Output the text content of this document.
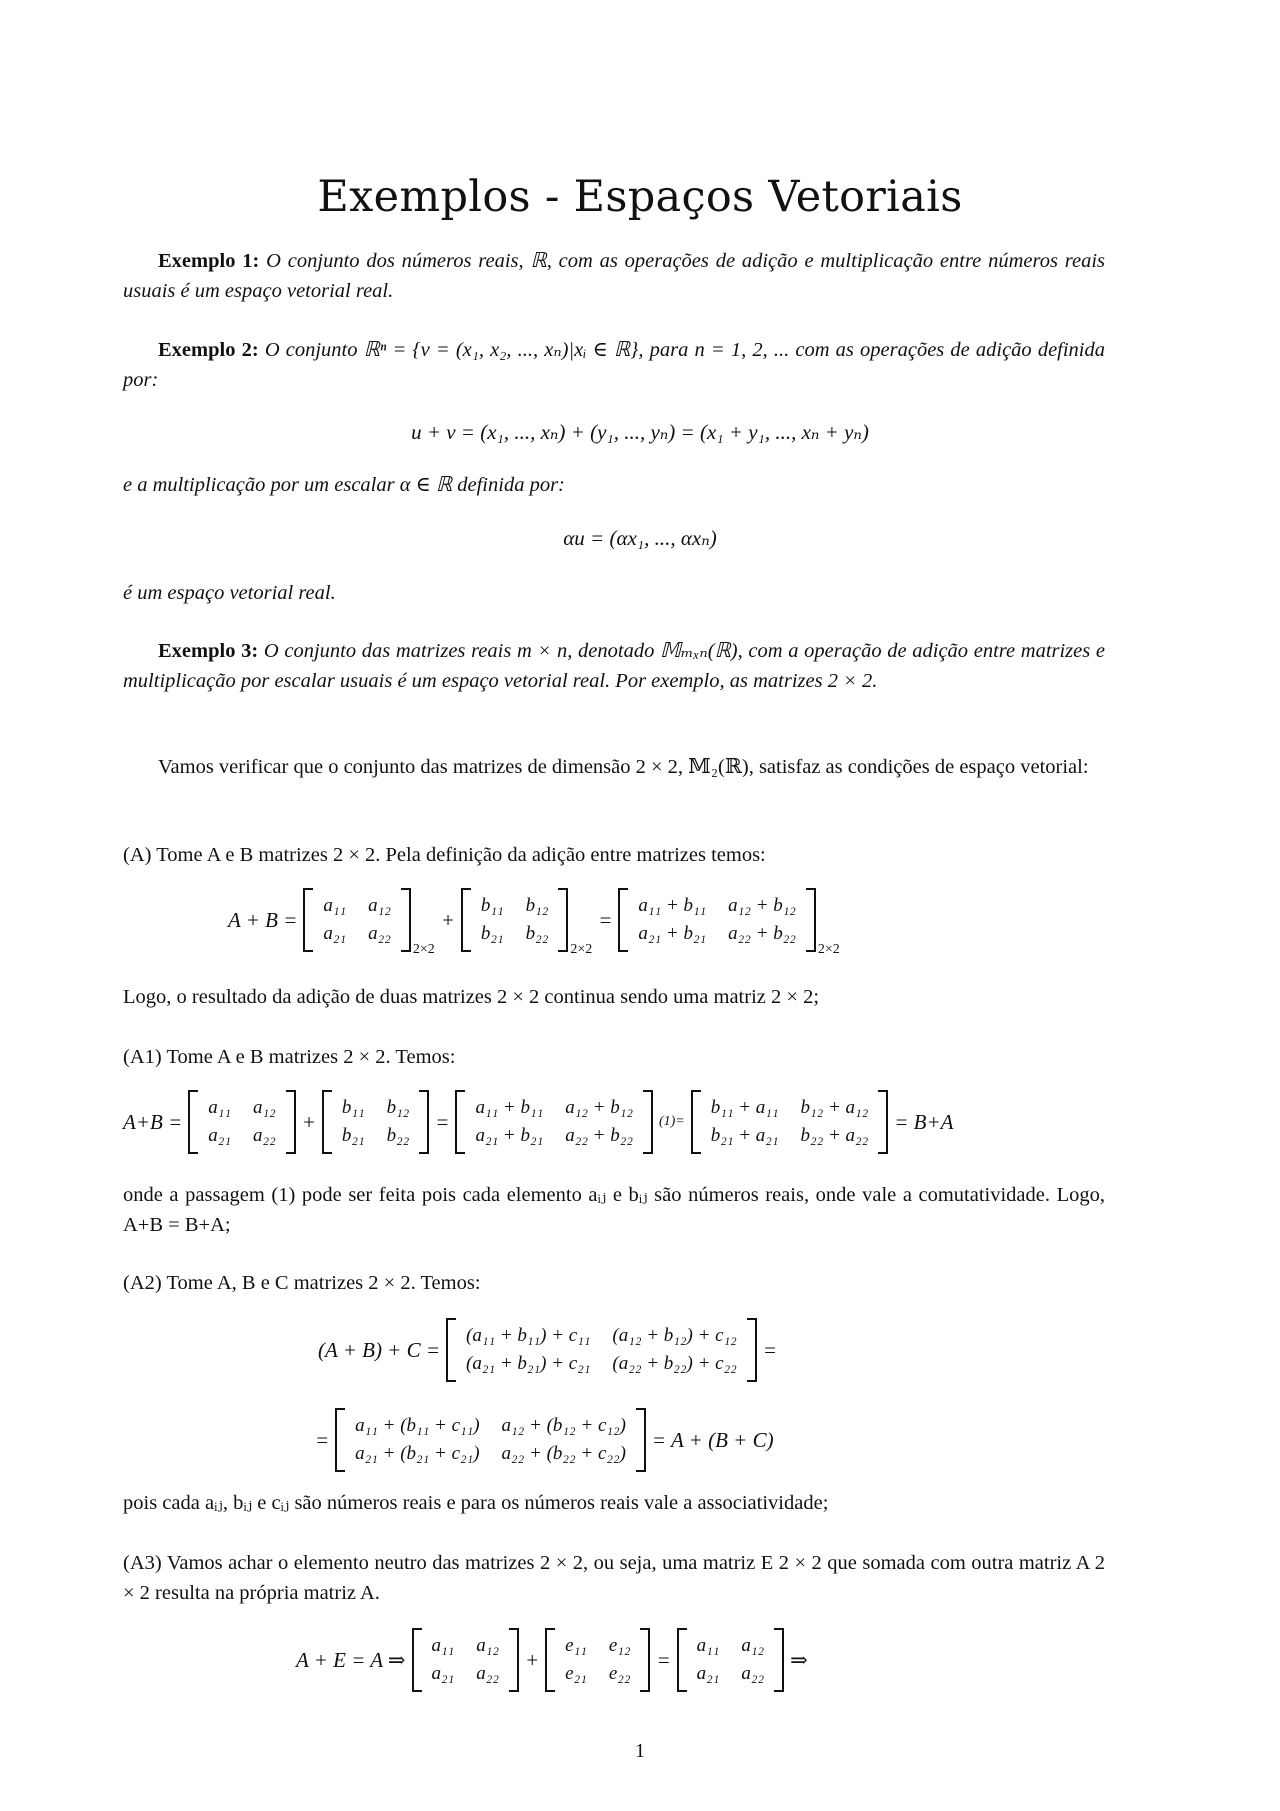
Exemplos - Espaços Vetoriais
Exemplo 1: O conjunto dos números reais, ℝ, com as operações de adição e multiplicação entre números reais usuais é um espaço vetorial real.
Exemplo 2: O conjunto ℝⁿ = {v = (x₁, x₂, ..., xₙ)|xᵢ ∈ ℝ}, para n = 1, 2, ... com as operações de adição definida por:
u + v = (x₁, ..., xₙ) + (y₁, ..., yₙ) = (x₁ + y₁, ..., xₙ + yₙ)
e a multiplicação por um escalar α ∈ ℝ definida por:
αu = (αx₁, ..., αxₙ)
é um espaço vetorial real.
Exemplo 3: O conjunto das matrizes reais m × n, denotado 𝕄ₘₓₙ(ℝ), com a operação de adição entre matrizes e multiplicação por escalar usuais é um espaço vetorial real. Por exemplo, as matrizes 2 × 2.
Vamos verificar que o conjunto das matrizes de dimensão 2 × 2, 𝕄₂(ℝ), satisfaz as condições de espaço vetorial:
(A) Tome A e B matrizes 2 × 2. Pela definição da adição entre matrizes temos:
A + B =
a₁₁ a₁₂
a₂₁ a₂₂
2×2
+
b₁₁ b₁₂
b₂₁ b₂₂
2×2
=
a₁₁ + b₁₁ a₁₂ + b₁₂
a₂₁ + b₂₁ a₂₂ + b₂₂
2×2
Logo, o resultado da adição de duas matrizes 2 × 2 continua sendo uma matriz 2 × 2;
(A1) Tome A e B matrizes 2 × 2. Temos:
A+B =
a₁₁ a₁₂
a₂₁ a₂₂
+
b₁₁ b₁₂
b₂₁ b₂₂
=
a₁₁ + b₁₁ a₁₂ + b₁₂
a₂₁ + b₂₁ a₂₂ + b₂₂
(1)=
b₁₁ + a₁₁ b₁₂ + a₁₂
b₂₁ + a₂₁ b₂₂ + a₂₂
= B+A
onde a passagem (1) pode ser feita pois cada elemento aᵢⱼ e bᵢⱼ são números reais, onde vale a comutatividade. Logo, A+B = B+A;
(A2) Tome A, B e C matrizes 2 × 2. Temos:
(A + B) + C =
(a₁₁ + b₁₁) + c₁₁ (a₁₂ + b₁₂) + c₁₂
(a₂₁ + b₂₁) + c₂₁ (a₂₂ + b₂₂) + c₂₂
=
=
a₁₁ + (b₁₁ + c₁₁) a₁₂ + (b₁₂ + c₁₂)
a₂₁ + (b₂₁ + c₂₁) a₂₂ + (b₂₂ + c₂₂)
= A + (B + C)
pois cada aᵢⱼ, bᵢⱼ e cᵢⱼ são números reais e para os números reais vale a associatividade;
(A3) Vamos achar o elemento neutro das matrizes 2 × 2, ou seja, uma matriz E 2 × 2 que somada com outra matriz A 2 × 2 resulta na própria matriz A.
A + E = A ⇒
a₁₁ a₁₂
a₂₁ a₂₂
+
e₁₁ e₁₂
e₂₁ e₂₂
=
a₁₁ a₁₂
a₂₁ a₂₂
⇒
1
